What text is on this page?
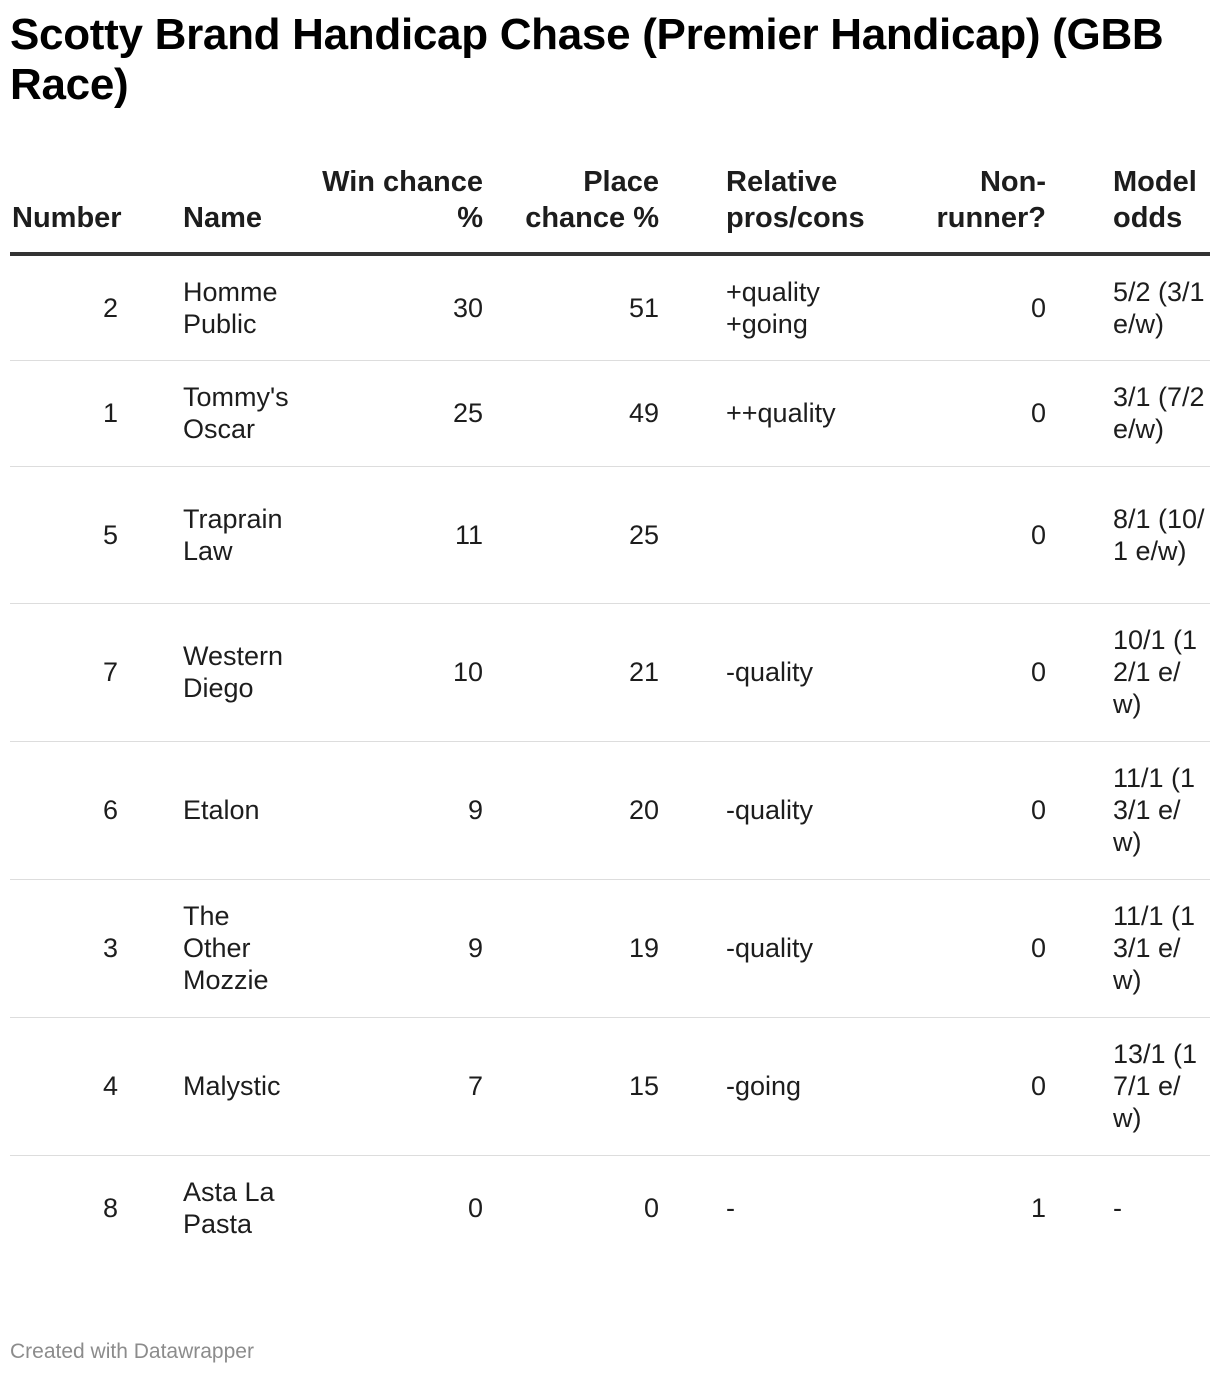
Scotty Brand Handicap Chase (Premier Handicap) (GBB Race)
Number		Name	Win chance %	Place chance %		Relative pros/cons	Non-runner?		Model odds
2		Homme Public	30	51		+quality +going	0		5/2 (3/1 e/w)
1		Tommy's Oscar	25	49		++quality	0		3/1 (7/2 e/w)
5		Traprain Law	11	25			0		8/1 (10/1 e/w)
7		Western Diego	10	21		-quality	0		10/1 (12/1 e/w)
6		Etalon	9	20		-quality	0		11/1 (13/1 e/w)
3		The Other Mozzie	9	19		-quality	0		11/1 (13/1 e/w)
4		Malystic	7	15		-going	0		13/1 (17/1 e/w)
8		Asta La Pasta	0	0		-	1		-
Created with Datawrapper
